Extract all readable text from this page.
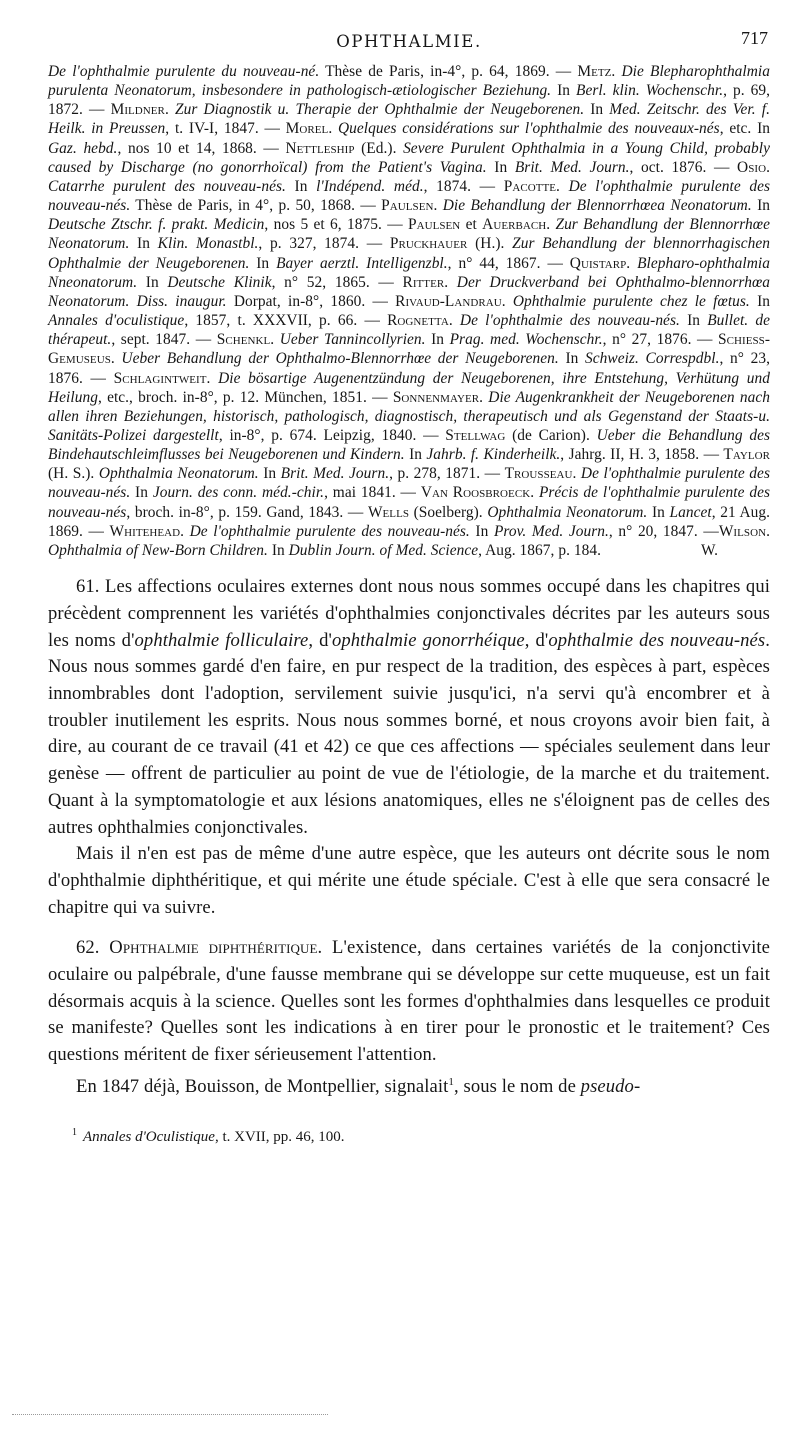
OPHTHALMIE.	717
De l'ophthalmie purulente du nouveau-né. Thèse de Paris, in-4°, p. 64, 1869. — Metz. Die Blepharophthalmia purulenta Neonatorum, insbesondere in pathologisch-ætiologischer Beziehung. In Berl. klin. Wochenschr., p. 69, 1872. — Mildner. Zur Diagnostik u. Therapie der Ophthalmie der Neugeborenen. In Med. Zeitschr. des Ver. f. Heilk. in Preussen, t. IV-I, 1847. — Morel. Quelques considérations sur l'ophthalmie des nouveaux-nés, etc. In Gaz. hebd., nos 10 et 14, 1868. — Nettleship (Ed.). Severe Purulent Ophthalmia in a Young Child, probably caused by Discharge (no gonorrhoïcal) from the Patient's Vagina. In Brit. Med. Journ., oct. 1876. — Osio. Catarrhe purulent des nouveau-nés. In l'Indépend. méd., 1874. — Pacotte. De l'ophthalmie purulente des nouveau-nés. Thèse de Paris, in 4°, p. 50, 1868. — Paulsen. Die Behandlung der Blennorrhœea Neonatorum. In Deutsche Ztschr. f. prakt. Medicin, nos 5 et 6, 1875. — Paulsen et Auerbach. Zur Behandlung der Blennorrhœe Neonatorum. In Klin. Monastbl., p. 327, 1874. — Pruckhauer (H.). Zur Behandlung der blennorrhagischen Ophthalmie der Neugeborenen. In Bayer aerztl. Intelligenzbl., n° 44, 1867. — Quistarp. Blepharo-ophthalmia Nneonatorum. In Deutsche Klinik, n° 52, 1865. — Ritter. Der Druckverband bei Ophthalmo-blennorrhœa Neonatorum. Diss. inaugur. Dorpat, in-8°, 1860. — Rivaud-Landrau. Ophthalmie purulente chez le fœtus. In Annales d'oculistique, 1857, t. XXXVII, p. 66. — Rognetta. De l'ophthalmie des nouveau-nés. In Bullet. de thérapeut., sept. 1847. — Schenkl. Ueber Tannincollyrien. In Prag. med. Wochenschr., n° 27, 1876. — Schiess-Gemuseus. Ueber Behandlung der Ophthalmo-Blennorrhœe der Neugeborenen. In Schweiz. Correspdbl., n° 23, 1876. — Schlagintweit. Die bösartige Augenentzündung der Neugeborenen, ihre Entstehung, Verhütung und Heilung, etc., broch. in-8°, p. 12. München, 1851. — Sonnenmayer. Die Augenkrankheit der Neugeborenen nach allen ihren Beziehungen, historisch, pathologisch, diagnostisch, therapeutisch und als Gegenstand der Staats-u. Sanitäts-Polizei dargestellt, in-8°, p. 674. Leipzig, 1840. — Stellwag (de Carion). Ueber die Behandlung des Bindehautschleimflusses bei Neugeborenen und Kindern. In Jahrb. f. Kinderheilk., Jahrg. II, H. 3, 1858. — Taylor (H. S.). Ophthalmia Neonatorum. In Brit. Med. Journ., p. 278, 1871. — Trousseau. De l'ophthalmie purulente des nouveau-nés. In Journ. des conn. méd.-chir., mai 1841. — Van Roosbroeck. Précis de l'ophthalmie purulente des nouveau-nés, broch. in-8°, p. 159. Gand, 1843. — Wells (Soelberg). Ophthalmia Neonatorum. In Lancet, 21 Aug. 1869. — Whitehead. De l'ophthalmie purulente des nouveau-nés. In Prov. Med. Journ., n° 20, 1847. —Wilson. Ophthalmia of New-Born Children. In Dublin Journ. of Med. Science, Aug. 1867, p. 184.	W.

61. Les affections oculaires externes dont nous nous sommes occupé dans les chapitres qui précèdent comprennent les variétés d'ophthalmies conjonctivales décrites par les auteurs sous les noms d'ophthalmie folliculaire, d'ophthalmie gonorrhéique, d'ophthalmie des nouveau-nés. Nous nous sommes gardé d'en faire, en pur respect de la tradition, des espèces à part, espèces innombrables dont l'adoption, servilement suivie jusqu'ici, n'a servi qu'à encombrer et à troubler inutilement les esprits. Nous nous sommes borné, et nous croyons avoir bien fait, à dire, au courant de ce travail (41 et 42) ce que ces affections — spéciales seulement dans leur genèse — offrent de particulier au point de vue de l'étiologie, de la marche et du traitement. Quant à la symptomatologie et aux lésions anatomiques, elles ne s'éloignent pas de celles des autres ophthalmies conjonctivales.

Mais il n'en est pas de même d'une autre espèce, que les auteurs ont décrite sous le nom d'ophthalmie diphthéritique, et qui mérite une étude spéciale. C'est à elle que sera consacré le chapitre qui va suivre.

62. Ophthalmie diphthéritique. L'existence, dans certaines variétés de la conjonctivite oculaire ou palpébrale, d'une fausse membrane qui se développe sur cette muqueuse, est un fait désormais acquis à la science. Quelles sont les formes d'ophthalmies dans lesquelles ce produit se manifeste? Quelles sont les indications à en tirer pour le pronostic et le traitement? Ces questions méritent de fixer sérieusement l'attention.

En 1847 déjà, Bouisson, de Montpellier, signalait$^1$, sous le nom de pseudo-

$^1$ Annales d'Oculistique, t. XVII, pp. 46, 100.
